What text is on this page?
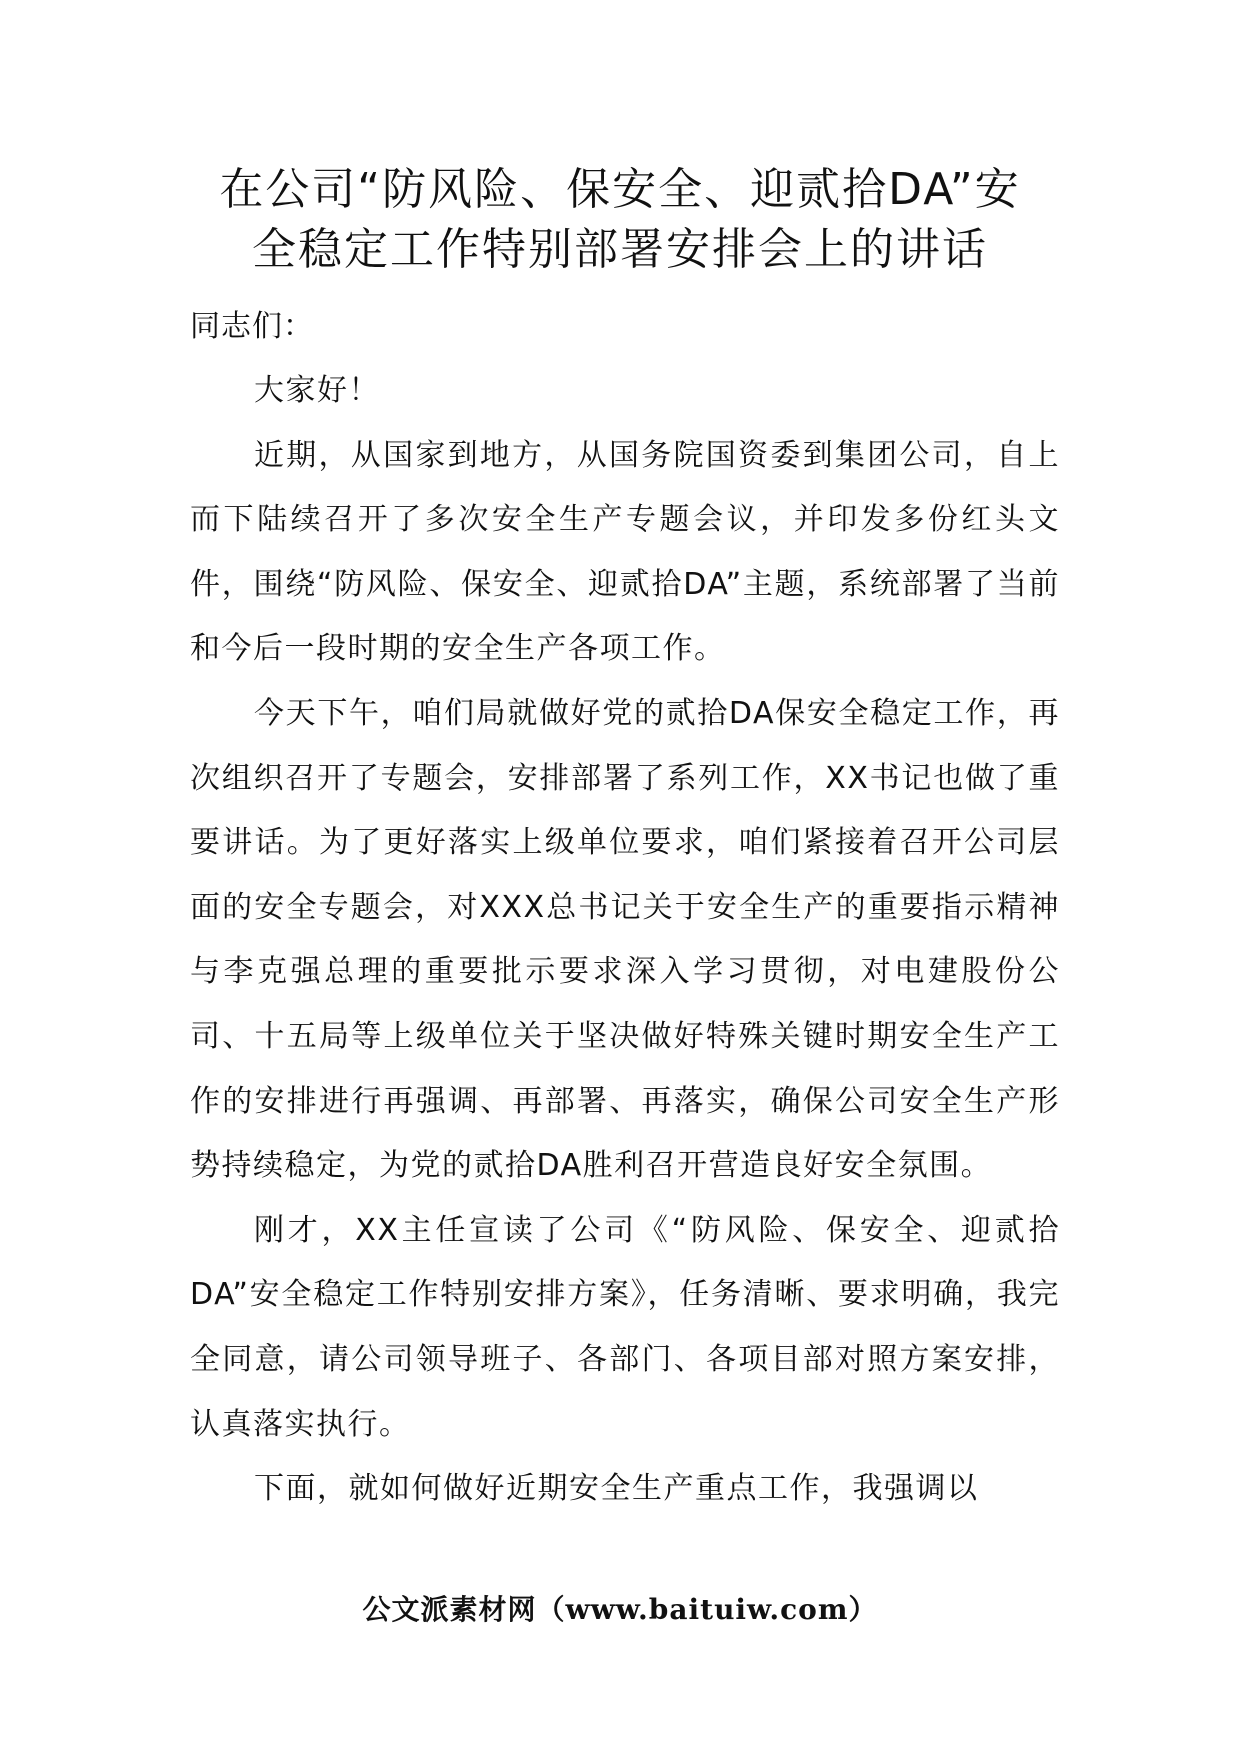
在公司“防风险、保安全、迎贰拾DA”安
全稳定工作特别部署安排会上的讲话

同志们：

大家好！

近期，从国家到地方，从国务院国资委到集团公司，自上而下陆续召开了多次安全生产专题会议，并印发多份红头文件，围绕“防风险、保安全、迎贰拾DA”主题，系统部署了当前和今后一段时期的安全生产各项工作。

今天下午，咱们局就做好党的贰拾DA保安全稳定工作，再次组织召开了专题会，安排部署了系列工作，XX书记也做了重要讲话。为了更好落实上级单位要求，咱们紧接着召开公司层面的安全专题会，对XXX总书记关于安全生产的重要指示精神与李克强总理的重要批示要求深入学习贯彻，对电建股份公司、十五局等上级单位关于坚决做好特殊关键时期安全生产工作的安排进行再强调、再部署、再落实，确保公司安全生产形势持续稳定，为党的贰拾DA胜利召开营造良好安全氛围。

刚才，XX主任宣读了公司《“防风险、保安全、迎贰拾DA”安全稳定工作特别安排方案》，任务清晰、要求明确，我完全同意，请公司领导班子、各部门、各项目部对照方案安排，认真落实执行。

下面，就如何做好近期安全生产重点工作，我强调以

公文派素材网（www.baituiw.com）
